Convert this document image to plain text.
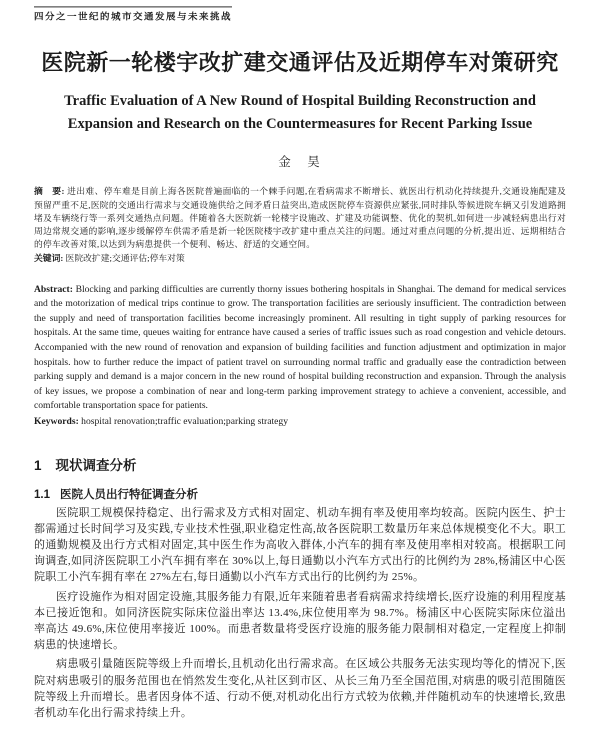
四分之一世纪的城市交通发展与未来挑战
医院新一轮楼宇改扩建交通评估及近期停车对策研究
Traffic Evaluation of A New Round of Hospital Building Reconstruction and Expansion and Research on the Countermeasures for Recent Parking Issue
金　昊

摘　要: 进出难、停车难是目前上海各医院普遍面临的一个棘手问题,在看病需求不断增长、就医出行机动化持续提升,交通设施配建及预留严重不足,医院的交通出行需求与交通设施供给之间矛盾日益突出,造成医院停车资源供应紧张,同时排队等候进院车辆又引发道路拥堵及车辆绕行等一系列交通热点问题。伴随着各大医院新一轮楼宇设施改、扩建及功能调整、优化的契机,如何进一步减轻病患出行对周边常规交通的影响,逐步缓解停车供需矛盾是新一轮医院楼宇改扩建中重点关注的问题。通过对重点问题的分析,提出近、远期相结合的停车改善对策,以达到为病患提供一个便利、畅达、舒适的交通空间。

关键词: 医院改扩建;交通评估;停车对策

Abstract: Blocking and parking difficulties are currently thorny issues bothering hospitals in Shanghai. The demand for medical services and the motorization of medical trips continue to grow. The transportation facilities are seriously insufficient. The contradiction between the supply and need of transportation facilities become increasingly prominent. All resulting in tight supply of parking resources for hospitals. At the same time, queues waiting for entrance have caused a series of traffic issues such as road congestion and vehicle detours. Accompanied with the new round of renovation and expansion of building facilities and function adjustment and optimization in major hospitals. how to further reduce the impact of patient travel on surrounding normal traffic and gradually ease the contradiction between parking supply and demand is a major concern in the new round of hospital building reconstruction and expansion. Through the analysis of key issues, we propose a combination of near and long-term parking improvement strategy to achieve a convenient, accessible, and comfortable transportation space for patients.

Keywords: hospital renovation;traffic evaluation;parking strategy

1 现状调查分析
1.1 医院人员出行特征调查分析

医院职工规模保持稳定、出行需求及方式相对固定、机动车拥有率及使用率均较高。医院内医生、护士都需通过长时间学习及实践,专业技术性强,职业稳定性高,故各医院职工数量历年来总体规模变化不大。职工的通勤规模及出行方式相对固定,其中医生作为高收入群体,小汽车的拥有率及使用率相对较高。根据职工问询调查,如同济医院职工小汽车拥有率在 30%以上,每日通勤以小汽车方式出行的比例约为 28%,杨浦区中心医院职工小汽车拥有率在 27%左右,每日通勤以小汽车方式出行的比例约为 25%。

医疗设施作为相对固定设施,其服务能力有限,近年来随着患者看病需求持续增长,医疗设施的利用程度基本已接近饱和。如同济医院实际床位溢出率达 13.4%,床位使用率为 98.7%。杨浦区中心医院实际床位溢出率高达 49.6%,床位使用率接近 100%。而患者数量将受医疗设施的服务能力限制相对稳定,一定程度上抑制病患的快速增长。

病患吸引量随医院等级上升而增长,且机动化出行需求高。在区域公共服务无法实现均等化的情况下,医院对病患吸引的服务范围也在悄然发生变化,从社区到市区、从长三角乃至全国范围,对病患的吸引范围随医院等级上升而增长。患者因身体不适、行动不便,对机动化出行方式较为依赖,并伴随机动车的快速增长,致患者机动车化出行需求持续上升。
